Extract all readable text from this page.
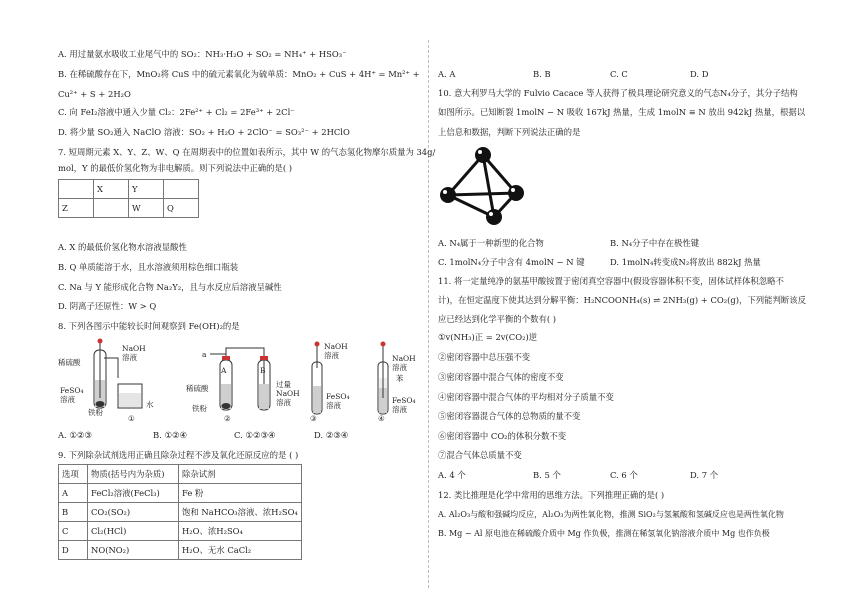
A. 用过量氨水吸收工业尾气中的 SO₂：NH₃·H₂O + SO₂ = NH₄⁺ + HSO₃⁻
B. 在稀硫酸存在下，MnO₂将 CuS 中的硫元素氧化为硫单质：MnO₂ + CuS + 4H⁺ = Mn²⁺ +
Cu²⁺ + S + 2H₂O
C. 向 FeI₂溶液中通入少量 Cl₂：2Fe²⁺ + Cl₂ = 2Fe³⁺ + 2Cl⁻
D. 将少量 SO₂通入 NaClO 溶液：SO₂ + H₂O + 2ClO⁻ = SO₃²⁻ + 2HClO
7. 短周期元素 X、Y、Z、W、Q 在周期表中的位置如表所示，其中 W 的气态氢化物摩尔质量为 34g/
mol，Y 的最低价氢化物为非电解质。则下列说法中正确的是( )
	X	Y	
Z		W	Q
A. X 的最低价氢化物水溶液显酸性
B. Q 单质能溶于水，且水溶液须用棕色细口瓶装
C. Na 与 Y 能形成化合物 Na₂Y₂，且与水反应后溶液呈碱性
D. 阴离子还原性：W > Q
8. 下列各图示中能较长时间观察到 Fe(OH)₂的是
NaOH
溶液
稀硫酸
FeSO₄
溶液
铁粉
水
①
a
A	B
稀硫酸
铁粉
过量
NaOH
溶液
②
NaOH
溶液
FeSO₄
溶液
③
NaOH
溶液
苯
FeSO₄
溶液
④
A. ①②③	B. ①②④	C. ①②③④	D. ②③④
9. 下列除杂试剂选用正确且除杂过程不涉及氧化还原反应的是 ( )
选项	物质(括号内为杂质)	除杂试剂
A	FeCl₂溶液(FeCl₃)	Fe 粉
B	CO₂(SO₂)	饱和 NaHCO₃溶液、浓H₂SO₄
C	Cl₂(HCl)	H₂O、浓H₂SO₄
D	NO(NO₂)	H₂O、无水 CaCl₂
A. A	B. B	C. C	D. D
10. 意大利罗马大学的 Fulvio Cacace 等人获得了极具理论研究意义的气态N₄分子，其分子结构
如图所示。已知断裂 1molN − N 吸收 167kJ 热量，生成 1molN ≡ N 放出 942kJ 热量，根据以
上信息和数据，判断下列说法正确的是
A. N₄属于一种新型的化合物	B. N₄分子中存在极性键
C. 1molN₄分子中含有 4molN − N 键	D. 1molN₄转变成N₂将放出 882kJ 热量
11. 将一定量纯净的氨基甲酸铵置于密闭真空容器中(假设容器体积不变，固体试样体积忽略不
计)，在恒定温度下使其达到分解平衡：H₂NCOONH₄(s) ⇌ 2NH₃(g) + CO₂(g)，下列能判断该反
应已经达到化学平衡的个数有( )
①v(NH₃)正 = 2v(CO₂)逆
②密闭容器中总压强不变
③密闭容器中混合气体的密度不变
④密闭容器中混合气体的平均相对分子质量不变
⑤密闭容器混合气体的总物质的量不变
⑥密闭容器中 CO₂的体积分数不变
⑦混合气体总质量不变
A. 4 个	B. 5 个	C. 6 个	D. 7 个
12. 类比推理是化学中常用的思维方法。下列推理正确的是( )
A. Al₂O₃与酸和强碱均反应，Al₂O₃为两性氧化物，推测 SiO₂与氢氟酸和氢碱反应也是两性氧化物
B. Mg − Al 原电池在稀硫酸介质中 Mg 作负极，推测在稀氢氧化钠溶液介质中 Mg 也作负极
